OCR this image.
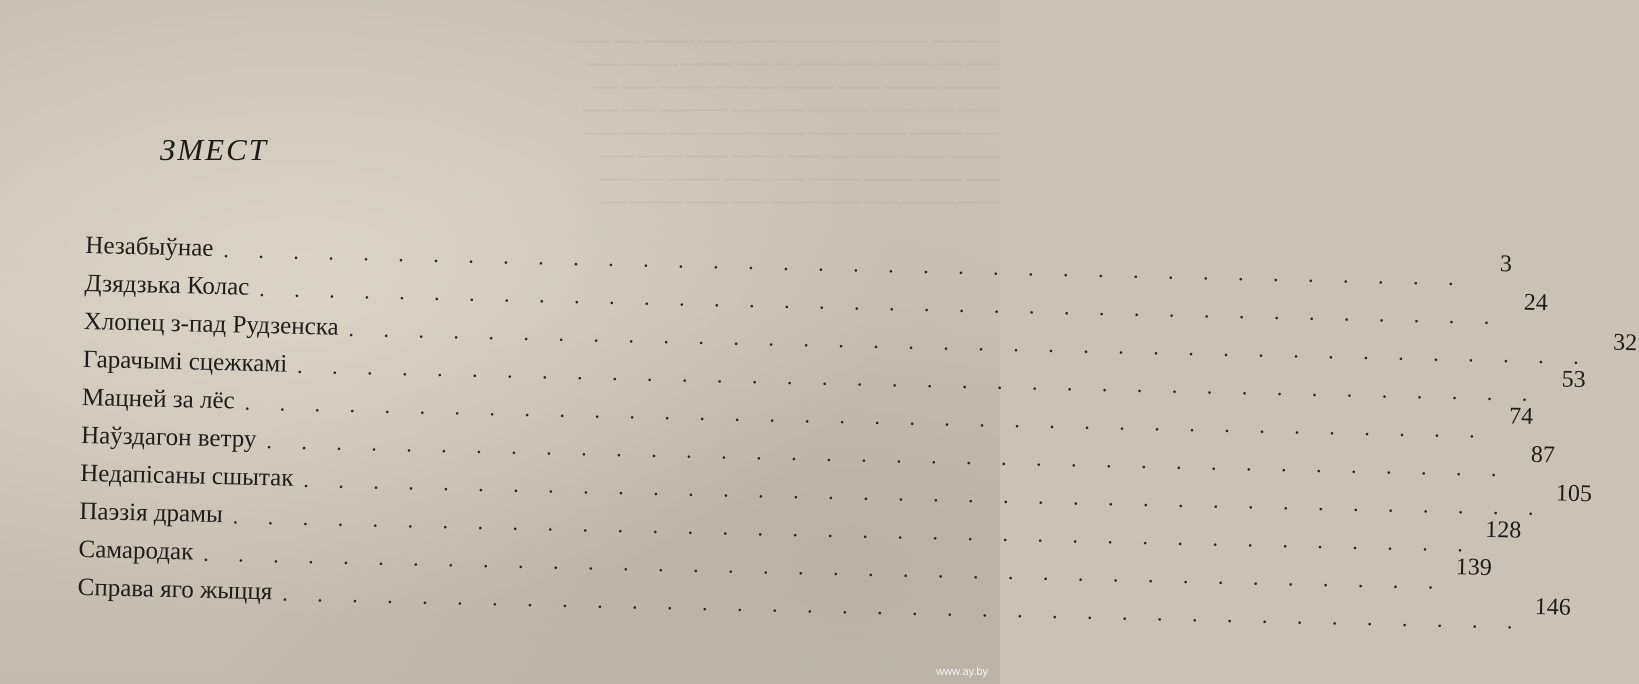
________ ______ ____ ______ _____ ____ ______ ___ ____
____ ___ ______ ____ _____ __ ____ ______ ______ ____
_______ ______ _____ ______ ___ ____ ______ ____ ___
_____ ___ ______ _______ ____ ____ ________ ____ ____
____ ______ ______ _____ _____ ______ ____ _____ ____
______ _____ _____ ___ ____ ______ _____ _____ ____
____ _____ ______ ______ ____ _____ ______ ___ ____
_____ ______ ____ ____ ______ ____ _____ ______ ___

ЗМЕСТ
Незабыўнае . . . . . . . . . . . . . . . . . . . . . . . . . . . . . . . . . . . .	3
Дзядзька Колас . . . . . . . . . . . . . . . . . . . . . . . . . . . . . . . . . . . . 24
Хлопец з-пад Рудзенска . . . . . . . . . . . . . . . . . . . . . . . . . . . . . . . . . . . . 32
Гарачымі сцежкамі . . . . . . . . . . . . . . . . . . . . . . . . . . . . . . . . . . . . 53
Мацней за лёс . . . . . . . . . . . . . . . . . . . . . . . . . . . . . . . . . . . . 74
Наўздагон ветру . . . . . . . . . . . . . . . . . . . . . . . . . . . . . . . . . . . . 87
Недапісаны сшытак . . . . . . . . . . . . . . . . . . . . . . . . . . . . . . . . . . . . 105
Паэзія драмы . . . . . . . . . . . . . . . . . . . . . . . . . . . . . . . . . . . . 128
Самародак . . . . . . . . . . . . . . . . . . . . . . . . . . . . . . . . . . . . 139
Справа яго жыцця . . . . . . . . . . . . . . . . . . . . . . . . . . . . . . . . . . . . 146
www.ay.by
